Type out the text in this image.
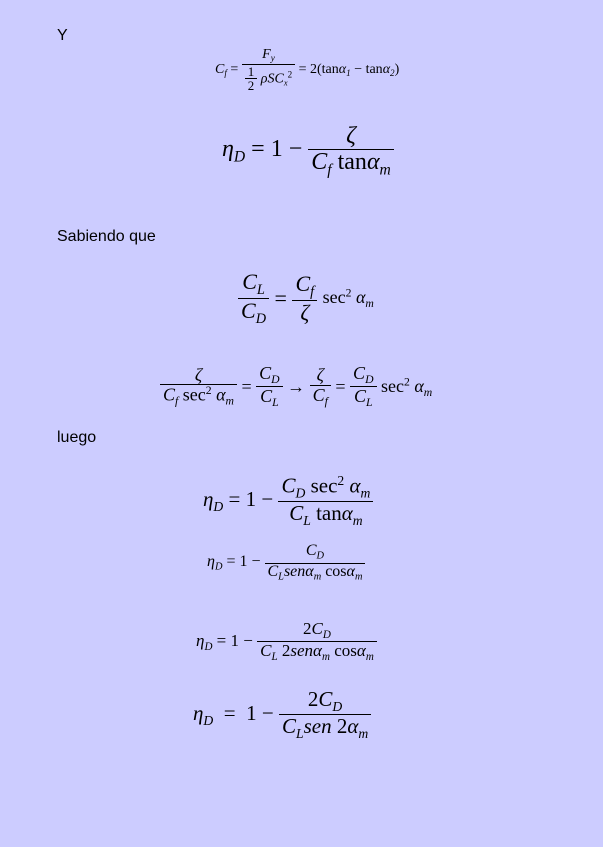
Y
$C_f = \frac{F_y}{\frac{1}{2} \rho SC_x^2} = 2(\tan\alpha_1 - \tan\alpha_2)$
$\eta_D = 1 - \frac{\zeta}{C_f \tan\alpha_m}$
Sabiendo que
$\frac{C_L}{C_D} = \frac{C_f}{\zeta} \sec^2 \alpha_m$
$\frac{\zeta}{C_f \sec^2 \alpha_m} = \frac{C_D}{C_L} \to \frac{\zeta}{C_f} = \frac{C_D}{C_L} \sec^2 \alpha_m$
luego
$\eta_D = 1 - \frac{C_D \sec^2 \alpha_m}{C_L \tan\alpha_m}$
$\eta_D = 1 - \frac{C_D}{C_Lsen\alpha_m \cos\alpha_m}$
$\eta_D = 1 - \frac{2C_D}{C_L 2sen\alpha_m \cos\alpha_m}$
$\eta_D = 1 - \frac{2C_D}{C_Lsen 2\alpha_m}$
